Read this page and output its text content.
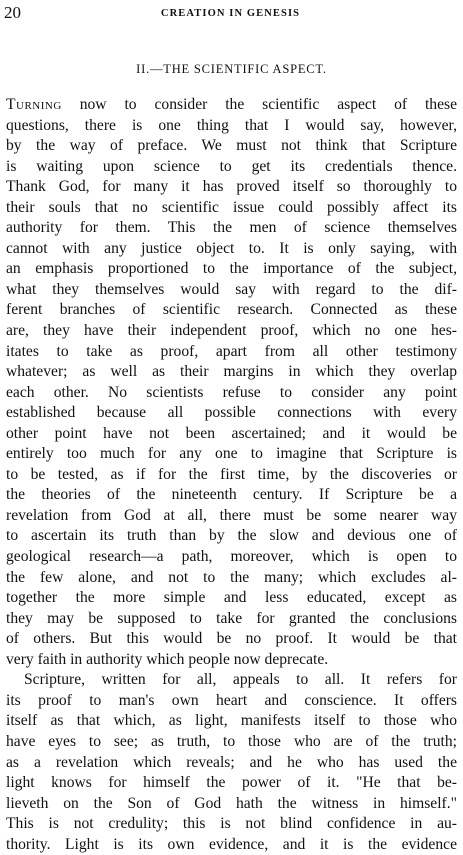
20	CREATION IN GENESIS
II.—THE SCIENTIFIC ASPECT.
Turning now to consider the scientific aspect of these
questions, there is one thing that I would say, however,
by the way of preface. We must not think that Scripture
is waiting upon science to get its credentials thence.
Thank God, for many it has proved itself so thoroughly to
their souls that no scientific issue could possibly affect its
authority for them. This the men of science themselves
cannot with any justice object to. It is only saying, with
an emphasis proportioned to the importance of the subject,
what they themselves would say with regard to the dif-
ferent branches of scientific research. Connected as these
are, they have their independent proof, which no one hes-
itates to take as proof, apart from all other testimony
whatever; as well as their margins in which they overlap
each other. No scientists refuse to consider any point
established because all possible connections with every
other point have not been ascertained; and it would be
entirely too much for any one to imagine that Scripture is
to be tested, as if for the first time, by the discoveries or
the theories of the nineteenth century. If Scripture be a
revelation from God at all, there must be some nearer way
to ascertain its truth than by the slow and devious one of
geological research—a path, moreover, which is open to
the few alone, and not to the many; which excludes al-
together the more simple and less educated, except as
they may be supposed to take for granted the conclusions
of others. But this would be no proof. It would be that
very faith in authority which people now deprecate.
Scripture, written for all, appeals to all. It refers for
its proof to man's own heart and conscience. It offers
itself as that which, as light, manifests itself to those who
have eyes to see; as truth, to those who are of the truth;
as a revelation which reveals; and he who has used the
light knows for himself the power of it. "He that be-
lieveth on the Son of God hath the witness in himself."
This is not credulity; this is not blind confidence in au-
thority. Light is its own evidence, and it is the evidence
